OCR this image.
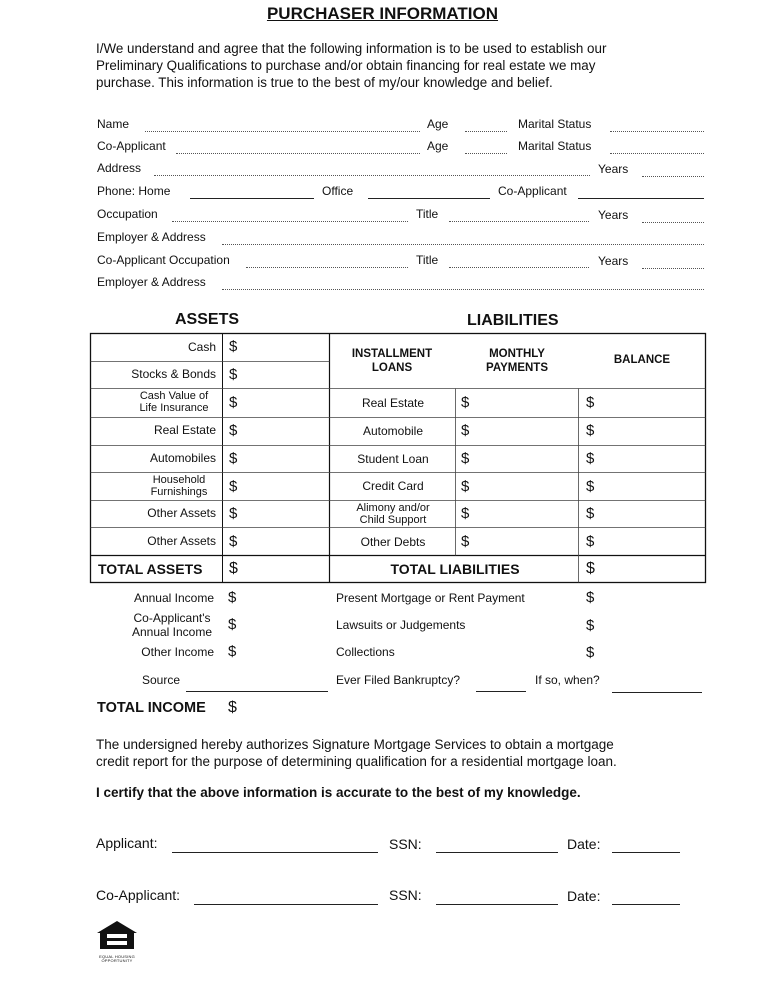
PURCHASER INFORMATION
I/We understand and agree that the following information is to be used to establish our
Preliminary Qualifications to purchase and/or obtain financing for real estate we may
purchase. This information is true to the best of my/our knowledge and belief.
Name	Age	Marital Status
Co-Applicant	Age	Marital Status
Address	Years
Phone: Home	Office	Co-Applicant
Occupation	Title	Years
Employer & Address
Co-Applicant Occupation	Title	Years
Employer & Address
ASSETS	LIABILITIES
Cash $
Stocks & Bonds $
Cash Value of
Life Insurance	$
Real Estate $
Automobiles $
Household
Furnishings	$
Other Assets $
Other Assets $
TOTAL ASSETS $
INSTALLMENT
LOANS
MONTHLY
PAYMENTS
BALANCE
Real Estate	$	$
Automobile	$	$
Student Loan	$	$
Credit Card	$	$
Alimony and/or
Child Support	$	$
Other Debts	$	$
TOTAL LIABILITIES	$
Annual Income $
Co-Applicant's
Annual Income	$
Other Income $
Source
TOTAL INCOME $
Present Mortgage or Rent Payment	$
Lawsuits or Judgements	$
Collections	$
Ever Filed Bankruptcy?	If so, when?
The undersigned hereby authorizes Signature Mortgage Services to obtain a mortgage
credit report for the purpose of determining qualification for a residential mortgage loan.
I certify that the above information is accurate to the best of my knowledge.
Applicant:	SSN:	Date:
Co-Applicant:	SSN:	Date:
EQUAL HOUSING
OPPORTUNITY
